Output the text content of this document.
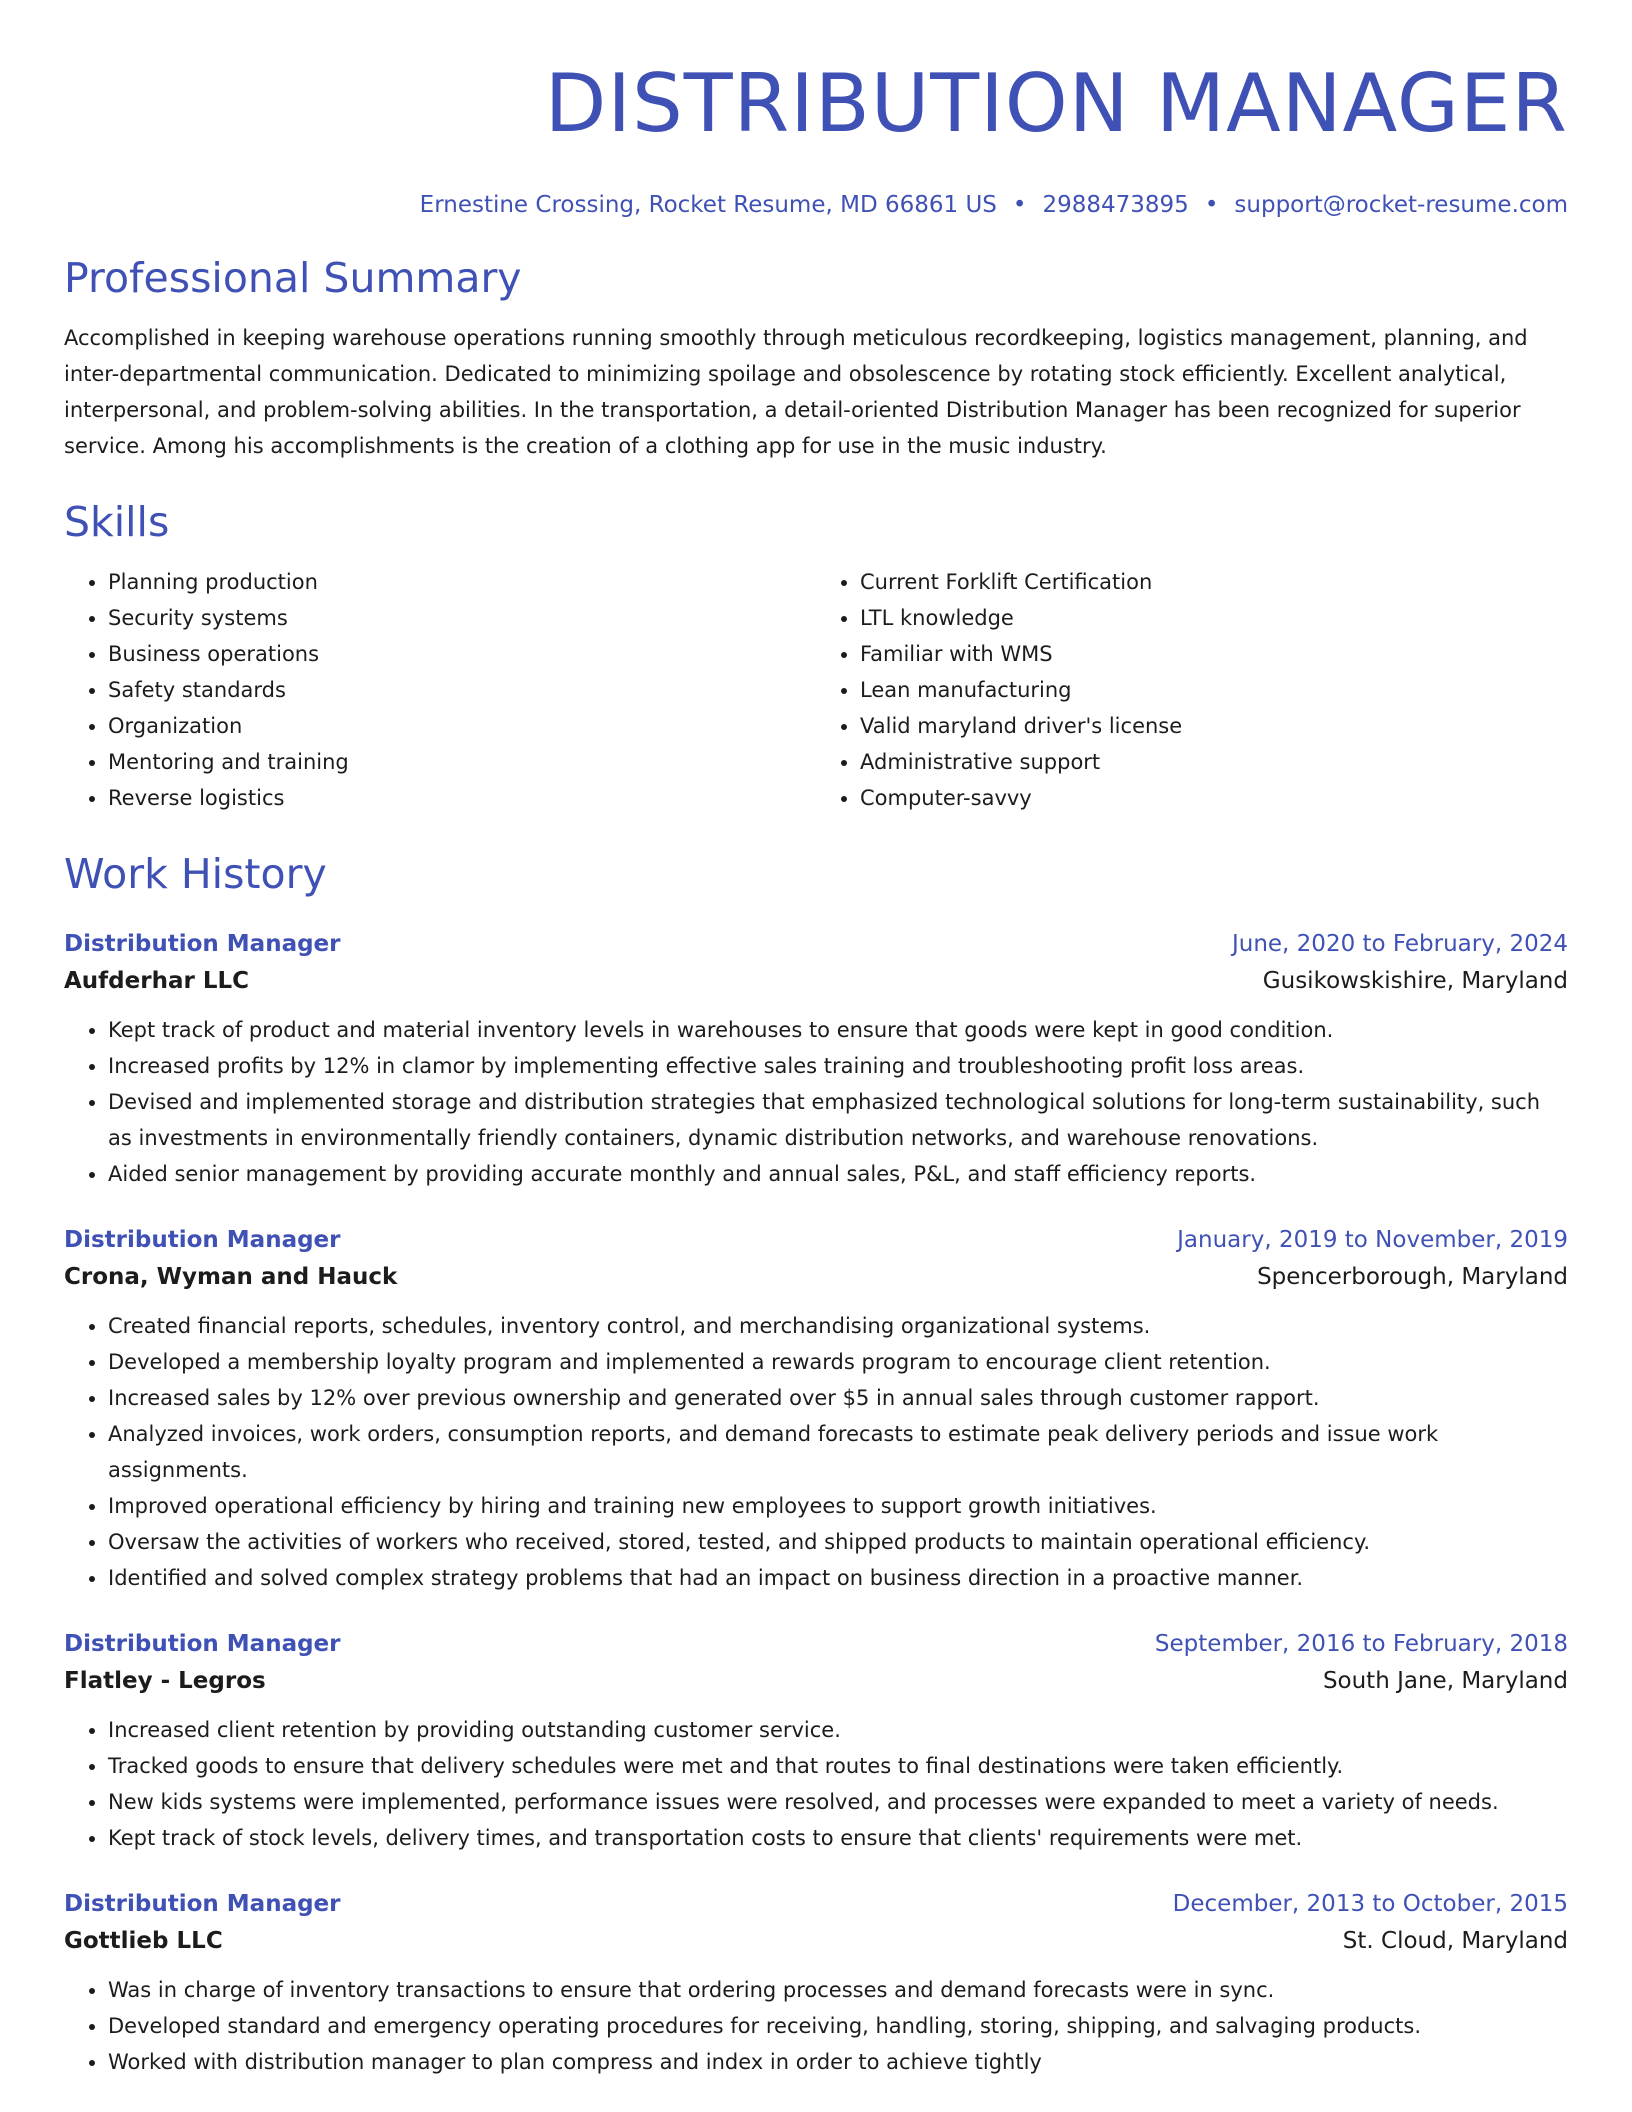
DISTRIBUTION MANAGER
Ernestine Crossing, Rocket Resume, MD 66861 US • 2988473895 • support@rocket-resume.com
Professional Summary
Accomplished in keeping warehouse operations running smoothly through meticulous recordkeeping, logistics management, planning, and inter-departmental communication. Dedicated to minimizing spoilage and obsolescence by rotating stock efficiently. Excellent analytical, interpersonal, and problem-solving abilities. In the transportation, a detail-oriented Distribution Manager has been recognized for superior service. Among his accomplishments is the creation of a clothing app for use in the music industry.
Skills
• Planning production
• Security systems
• Business operations
• Safety standards
• Organization
• Mentoring and training
• Reverse logistics
• Current Forklift Certification
• LTL knowledge
• Familiar with WMS
• Lean manufacturing
• Valid maryland driver's license
• Administrative support
• Computer-savvy
Work History
Distribution Manager	June, 2020 to February, 2024
Aufderhar LLC	Gusikowskishire, Maryland
• Kept track of product and material inventory levels in warehouses to ensure that goods were kept in good condition.
• Increased profits by 12% in clamor by implementing effective sales training and troubleshooting profit loss areas.
• Devised and implemented storage and distribution strategies that emphasized technological solutions for long-term sustainability, such as investments in environmentally friendly containers, dynamic distribution networks, and warehouse renovations.
• Aided senior management by providing accurate monthly and annual sales, P&L, and staff efficiency reports.
Distribution Manager	January, 2019 to November, 2019
Crona, Wyman and Hauck	Spencerborough, Maryland
• Created financial reports, schedules, inventory control, and merchandising organizational systems.
• Developed a membership loyalty program and implemented a rewards program to encourage client retention.
• Increased sales by 12% over previous ownership and generated over $5 in annual sales through customer rapport.
• Analyzed invoices, work orders, consumption reports, and demand forecasts to estimate peak delivery periods and issue work assignments.
• Improved operational efficiency by hiring and training new employees to support growth initiatives.
• Oversaw the activities of workers who received, stored, tested, and shipped products to maintain operational efficiency.
• Identified and solved complex strategy problems that had an impact on business direction in a proactive manner.
Distribution Manager	September, 2016 to February, 2018
Flatley - Legros	South Jane, Maryland
• Increased client retention by providing outstanding customer service.
• Tracked goods to ensure that delivery schedules were met and that routes to final destinations were taken efficiently.
• New kids systems were implemented, performance issues were resolved, and processes were expanded to meet a variety of needs.
• Kept track of stock levels, delivery times, and transportation costs to ensure that clients' requirements were met.
Distribution Manager	December, 2013 to October, 2015
Gottlieb LLC	St. Cloud, Maryland
• Was in charge of inventory transactions to ensure that ordering processes and demand forecasts were in sync.
• Developed standard and emergency operating procedures for receiving, handling, storing, shipping, and salvaging products.
• Worked with distribution manager to plan compress and index in order to achieve tightly
